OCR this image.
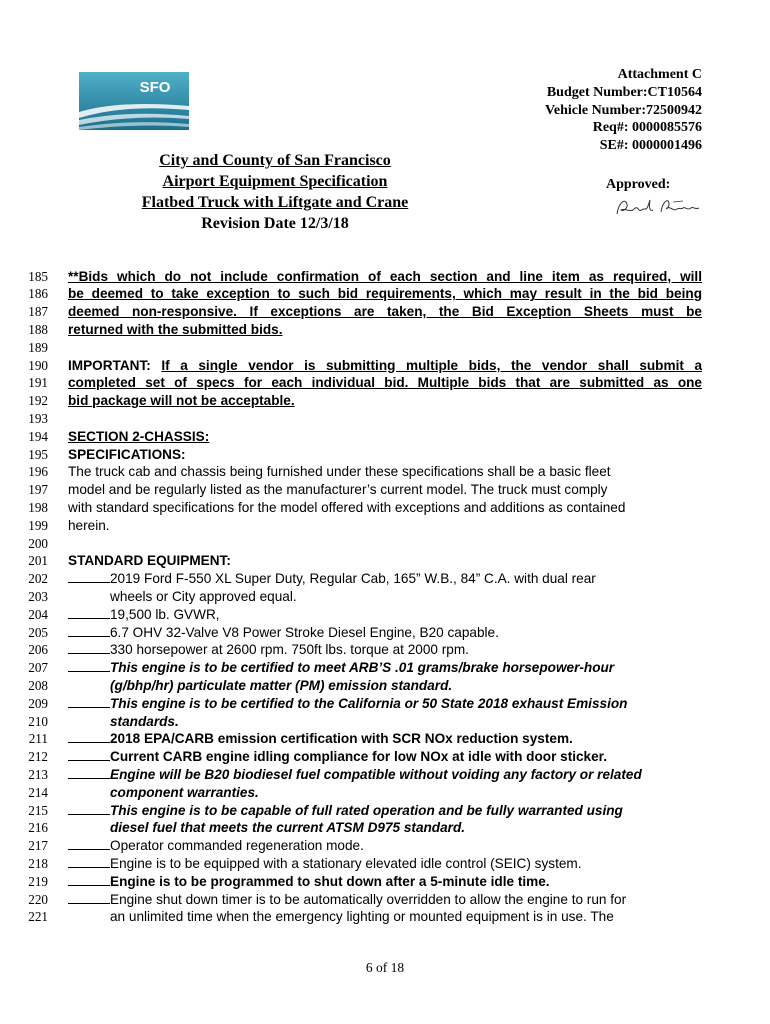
SFO
Attachment C
Budget Number:CT10564
Vehicle Number:72500942
Req#: 0000085576
SE#: 0000001496
City and County of San Francisco
Airport Equipment Specification
Flatbed Truck with Liftgate and Crane
Revision Date 12/3/18
Approved:
185 **Bids which do not include confirmation of each section and line item as required, will
186 be deemed to take exception to such bid requirements, which may result in the bid being
187 deemed non-responsive. If exceptions are taken, the Bid Exception Sheets must be
188 returned with the submitted bids.
189
190 IMPORTANT: If a single vendor is submitting multiple bids, the vendor shall submit a
191 completed set of specs for each individual bid. Multiple bids that are submitted as one
192 bid package will not be acceptable.
193
194 SECTION 2-CHASSIS:
195 SPECIFICATIONS:
196 The truck cab and chassis being furnished under these specifications shall be a basic fleet
197 model and be regularly listed as the manufacturer’s current model. The truck must comply
198 with standard specifications for the model offered with exceptions and additions as contained
199 herein.
200
201 STANDARD EQUIPMENT:
202	2019 Ford F-550 XL Super Duty, Regular Cab, 165” W.B., 84” C.A. with dual rear
203	wheels or City approved equal.
204	19,500 lb. GVWR,
205	6.7 OHV 32-Valve V8 Power Stroke Diesel Engine, B20 capable.
206	330 horsepower at 2600 rpm. 750ft lbs. torque at 2000 rpm.
207	This engine is to be certified to meet ARB’S .01 grams/brake horsepower-hour
208	(g/bhp/hr) particulate matter (PM) emission standard.
209	This engine is to be certified to the California or 50 State 2018 exhaust Emission
210	standards.
211	2018 EPA/CARB emission certification with SCR NOx reduction system.
212	Current CARB engine idling compliance for low NOx at idle with door sticker.
213	Engine will be B20 biodiesel fuel compatible without voiding any factory or related
214	component warranties.
215	This engine is to be capable of full rated operation and be fully warranted using
216	diesel fuel that meets the current ATSM D975 standard.
217	Operator commanded regeneration mode.
218	Engine is to be equipped with a stationary elevated idle control (SEIC) system.
219	Engine is to be programmed to shut down after a 5-minute idle time.
220	Engine shut down timer is to be automatically overridden to allow the engine to run for
221	an unlimited time when the emergency lighting or mounted equipment is in use. The
6 of 18
